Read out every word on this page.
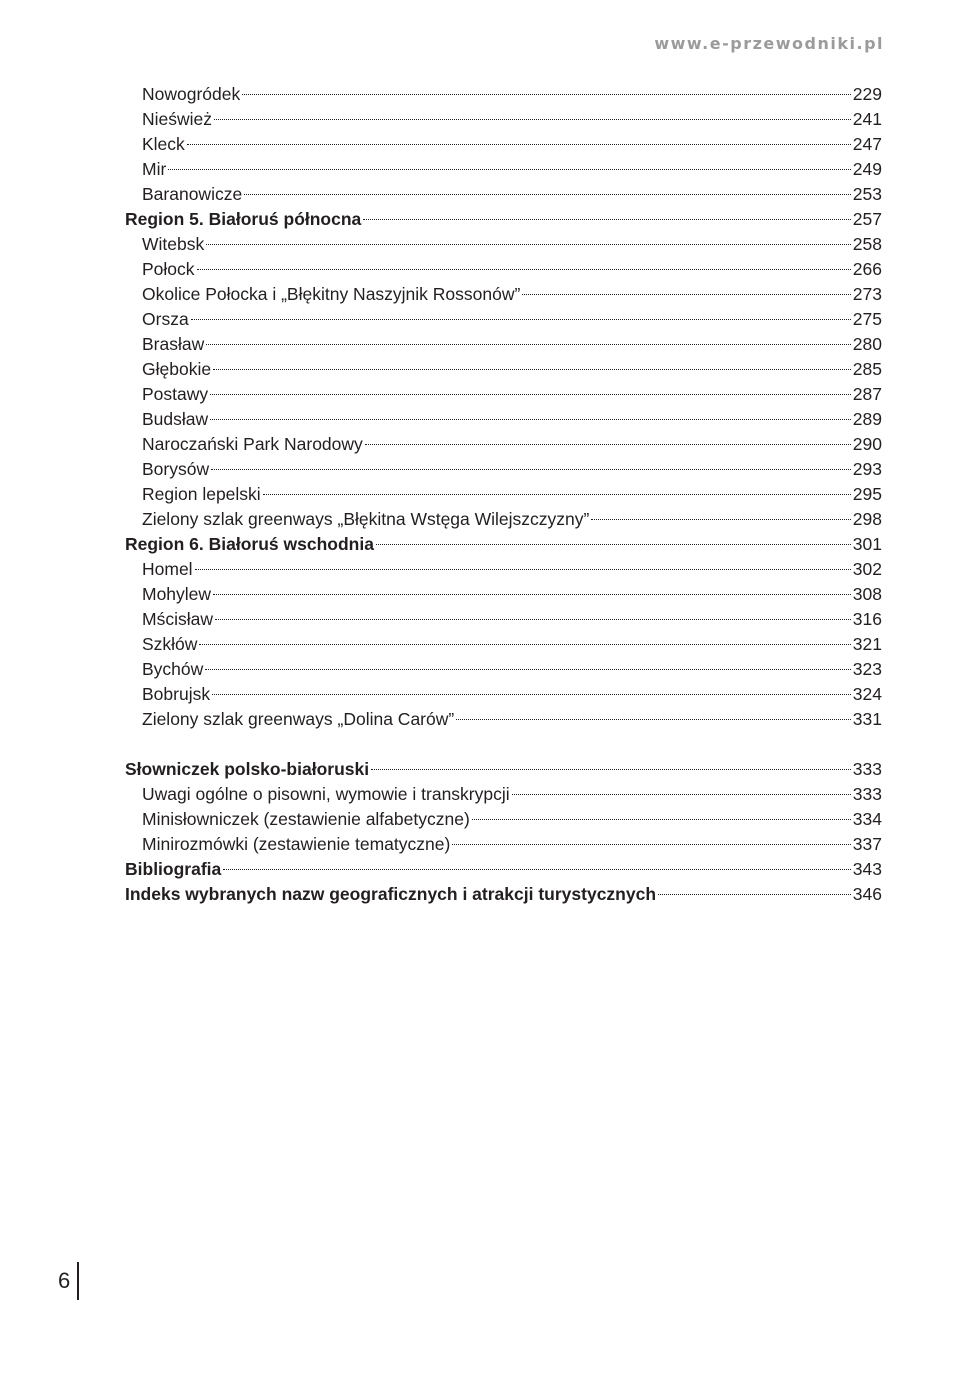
www.e-przewodniki.pl
Nowogródek	229
Nieśwież	241
Kleck	247
Mir	249
Baranowicze	253
Region 5. Białoruś północna	257
Witebsk	258
Połock	266
Okolice Połocka i „Błękitny Naszyjnik Rossonów”	273
Orsza	275
Brasław	280
Głębokie	285
Postawy	287
Budsław	289
Naroczański Park Narodowy	290
Borysów	293
Region lepelski	295
Zielony szlak greenways „Błękitna Wstęga Wilejszczyzny”	298
Region 6. Białoruś wschodnia	301
Homel	302
Mohylew	308
Mścisław	316
Szkłów	321
Bychów	323
Bobrujsk	324
Zielony szlak greenways „Dolina Carów”	331
Słowniczek polsko-białoruski	333
Uwagi ogólne o pisowni, wymowie i transkrypcji	333
Minisłowniczek (zestawienie alfabetyczne)	334
Minirozmówki (zestawienie tematyczne)	337
Bibliografia	343
Indeks wybranych nazw geograficznych i atrakcji turystycznych	346
6
